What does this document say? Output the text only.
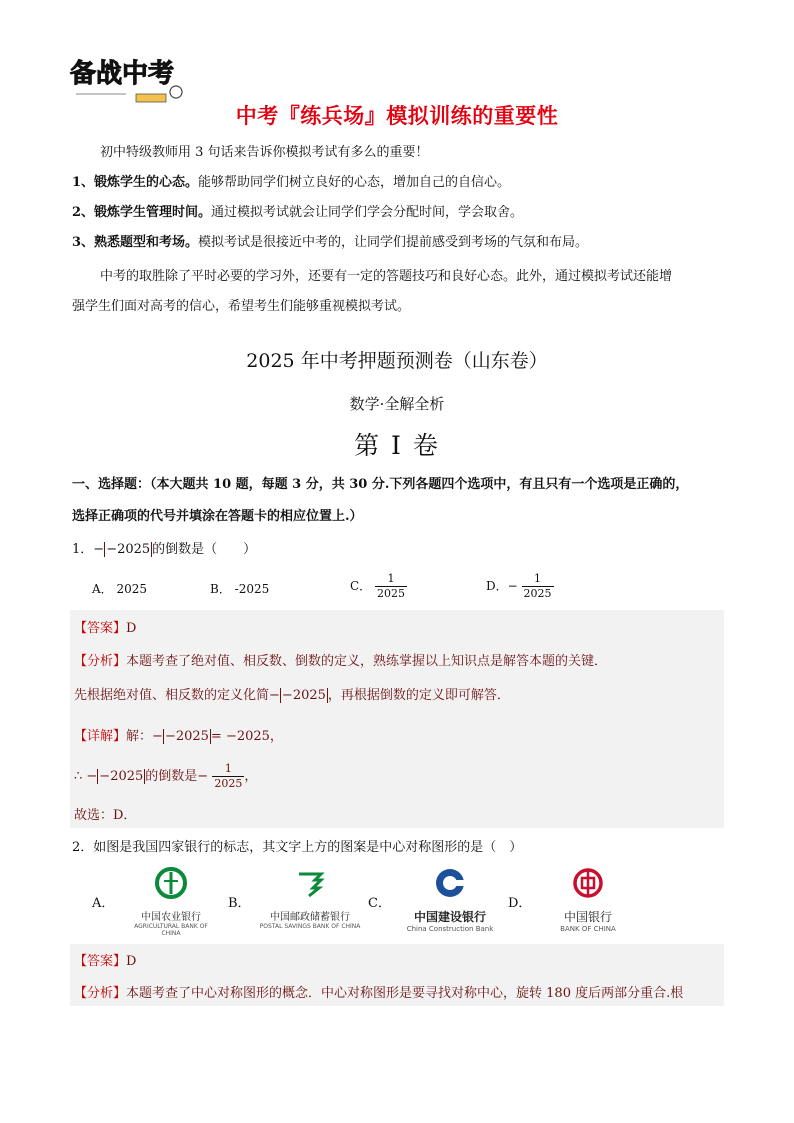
备战中考
中考『练兵场』模拟训练的重要性
初中特级教师用 3 句话来告诉你模拟考试有多么的重要！
1、锻炼学生的心态。能够帮助同学们树立良好的心态，增加自己的自信心。
2、锻炼学生管理时间。通过模拟考试就会让同学们学会分配时间，学会取舍。
3、熟悉题型和考场。模拟考试是很接近中考的，让同学们提前感受到考场的气氛和布局。
中考的取胜除了平时必要的学习外，还要有一定的答题技巧和良好心态。此外，通过模拟考试还能增
强学生们面对高考的信心，希望考生们能够重视模拟考试。
2025 年中考押题预测卷（山东卷）
数学·全解全析
第 I 卷
一、选择题：（本大题共 10 题，每题 3 分，共 30 分.下列各题四个选项中，有且只有一个选项是正确的，
选择正确项的代号并填涂在答题卡的相应位置上.）
1．− −2025 的倒数是（　　）
A． 2025	B． -2025	C． $\frac{1}{2025}$	D．− $\frac{1}{2025}$
【答案】D
【分析】本题考查了绝对值、相反数、倒数的定义，熟练掌握以上知识点是解答本题的关键．
先根据绝对值、相反数的定义化简− −2025 ，再根据倒数的定义即可解答．
【详解】解：− −2025 = −2025，
∴ − −2025 的倒数是− $\frac{1}{2025}$ ，
故选：D．
2．如图是我国四家银行的标志，其文字上方的图案是中心对称图形的是（　）
A．
中国农业银行
AGRICULTURAL BANK OF CHINA
B．
中国邮政储蓄银行
POSTAL SAVINGS BANK OF CHINA
C．
中国建设银行
China Construction Bank
D．
中国银行
BANK OF CHINA
【答案】D
【分析】本题考查了中心对称图形的概念．中心对称图形是要寻找对称中心，旋转 180 度后两部分重合.根
